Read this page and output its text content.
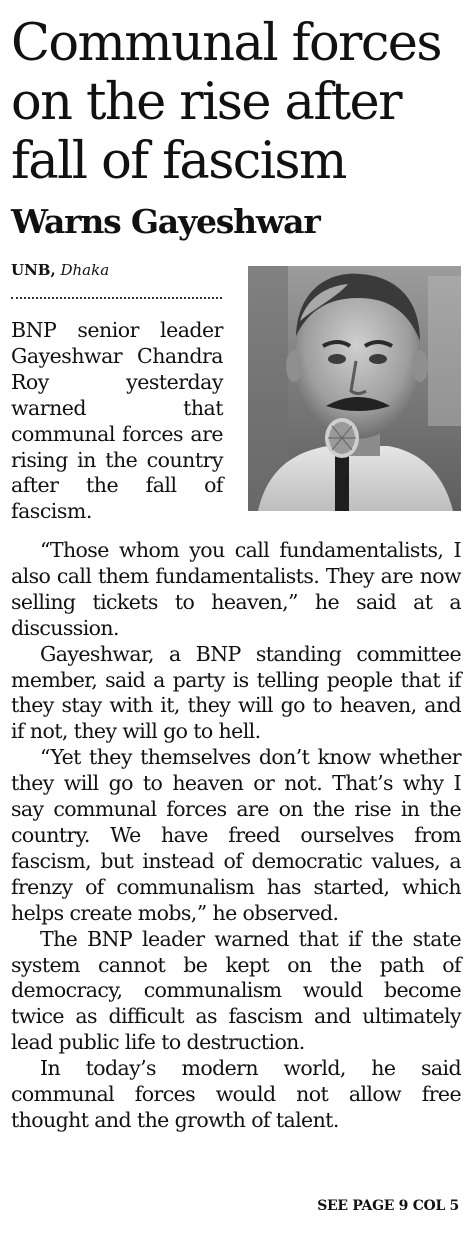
Communal forces on the rise after fall of fascism
Warns Gayeshwar
UNB, Dhaka

BNP senior leader Gayeshwar Chandra Roy yesterday warned that communal forces are rising in the country after the fall of fascism.

“Those whom you call fundamentalists, I also call them fundamentalists. They are now selling tickets to heaven,” he said at a discussion.

Gayeshwar, a BNP standing committee member, said a party is telling people that if they stay with it, they will go to heaven, and if not, they will go to hell.

“Yet they themselves don’t know whether they will go to heaven or not. That’s why I say communal forces are on the rise in the country. We have freed ourselves from fascism, but instead of democratic values, a frenzy of communalism has started, which helps create mobs,” he observed.

The BNP leader warned that if the state system cannot be kept on the path of democracy, communalism would become twice as difficult as fascism and ultimately lead public life to destruction.

In today’s modern world, he said communal forces would not allow free thought and the growth of talent.

SEE PAGE 9 COL 5
